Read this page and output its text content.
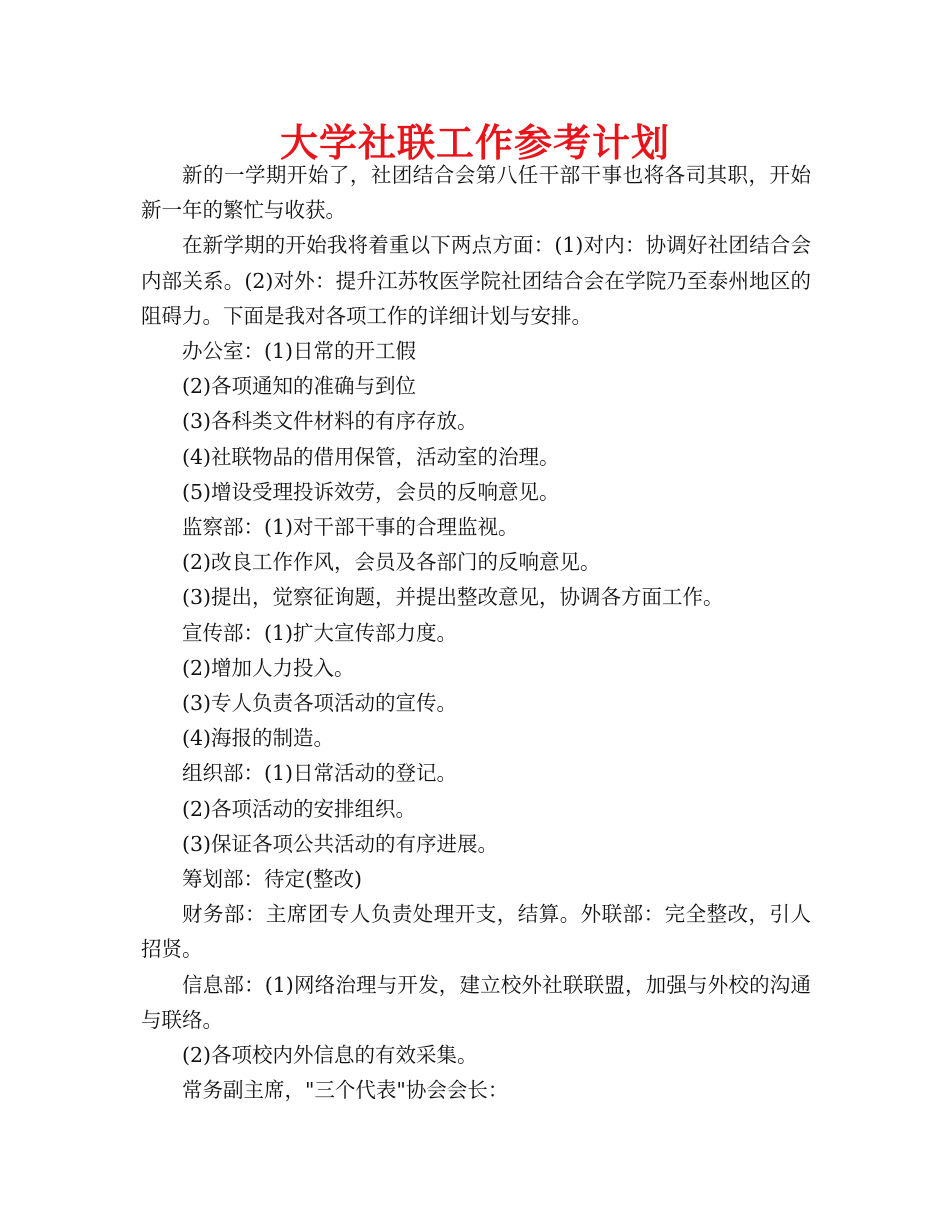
大学社联工作参考计划

新的一学期开始了，社团结合会第八任干部干事也将各司其职，开始新一年的繁忙与收获。

在新学期的开始我将着重以下两点方面：(1)对内：协调好社团结合会内部关系。(2)对外：提升江苏牧医学院社团结合会在学院乃至泰州地区的阻碍力。下面是我对各项工作的详细计划与安排。

办公室：(1)日常的开工假

(2)各项通知的准确与到位

(3)各科类文件材料的有序存放。

(4)社联物品的借用保管，活动室的治理。

(5)增设受理投诉效劳，会员的反响意见。

监察部：(1)对干部干事的合理监视。

(2)改良工作作风，会员及各部门的反响意见。

(3)提出，觉察征询题，并提出整改意见，协调各方面工作。

宣传部：(1)扩大宣传部力度。

(2)增加人力投入。

(3)专人负责各项活动的宣传。

(4)海报的制造。

组织部：(1)日常活动的登记。

(2)各项活动的安排组织。

(3)保证各项公共活动的有序进展。

筹划部：待定(整改)

财务部：主席团专人负责处理开支，结算。外联部：完全整改，引人招贤。

信息部：(1)网络治理与开发，建立校外社联联盟，加强与外校的沟通与联络。

(2)各项校内外信息的有效采集。

常务副主席，"三个代表"协会会长：
